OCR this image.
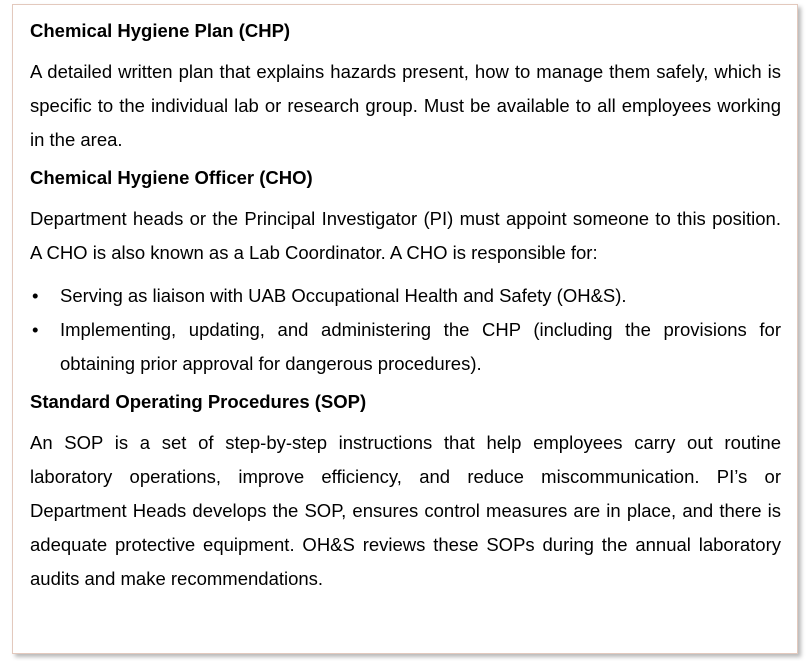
Chemical Hygiene Plan (CHP)

A detailed written plan that explains hazards present, how to manage them safely, which is specific to the individual lab or research group. Must be available to all employees working in the area.

Chemical Hygiene Officer (CHO)

Department heads or the Principal Investigator (PI) must appoint someone to this position. A CHO is also known as a Lab Coordinator. A CHO is responsible for:

• Serving as liaison with UAB Occupational Health and Safety (OH&S).
• Implementing, updating, and administering the CHP (including the provisions for obtaining prior approval for dangerous procedures).
Standard Operating Procedures (SOP)

An SOP is a set of step-by-step instructions that help employees carry out routine laboratory operations, improve efficiency, and reduce miscommunication. PI’s or Department Heads develops the SOP, ensures control measures are in place, and there is adequate protective equipment. OH&S reviews these SOPs during the annual laboratory audits and make recommendations.
